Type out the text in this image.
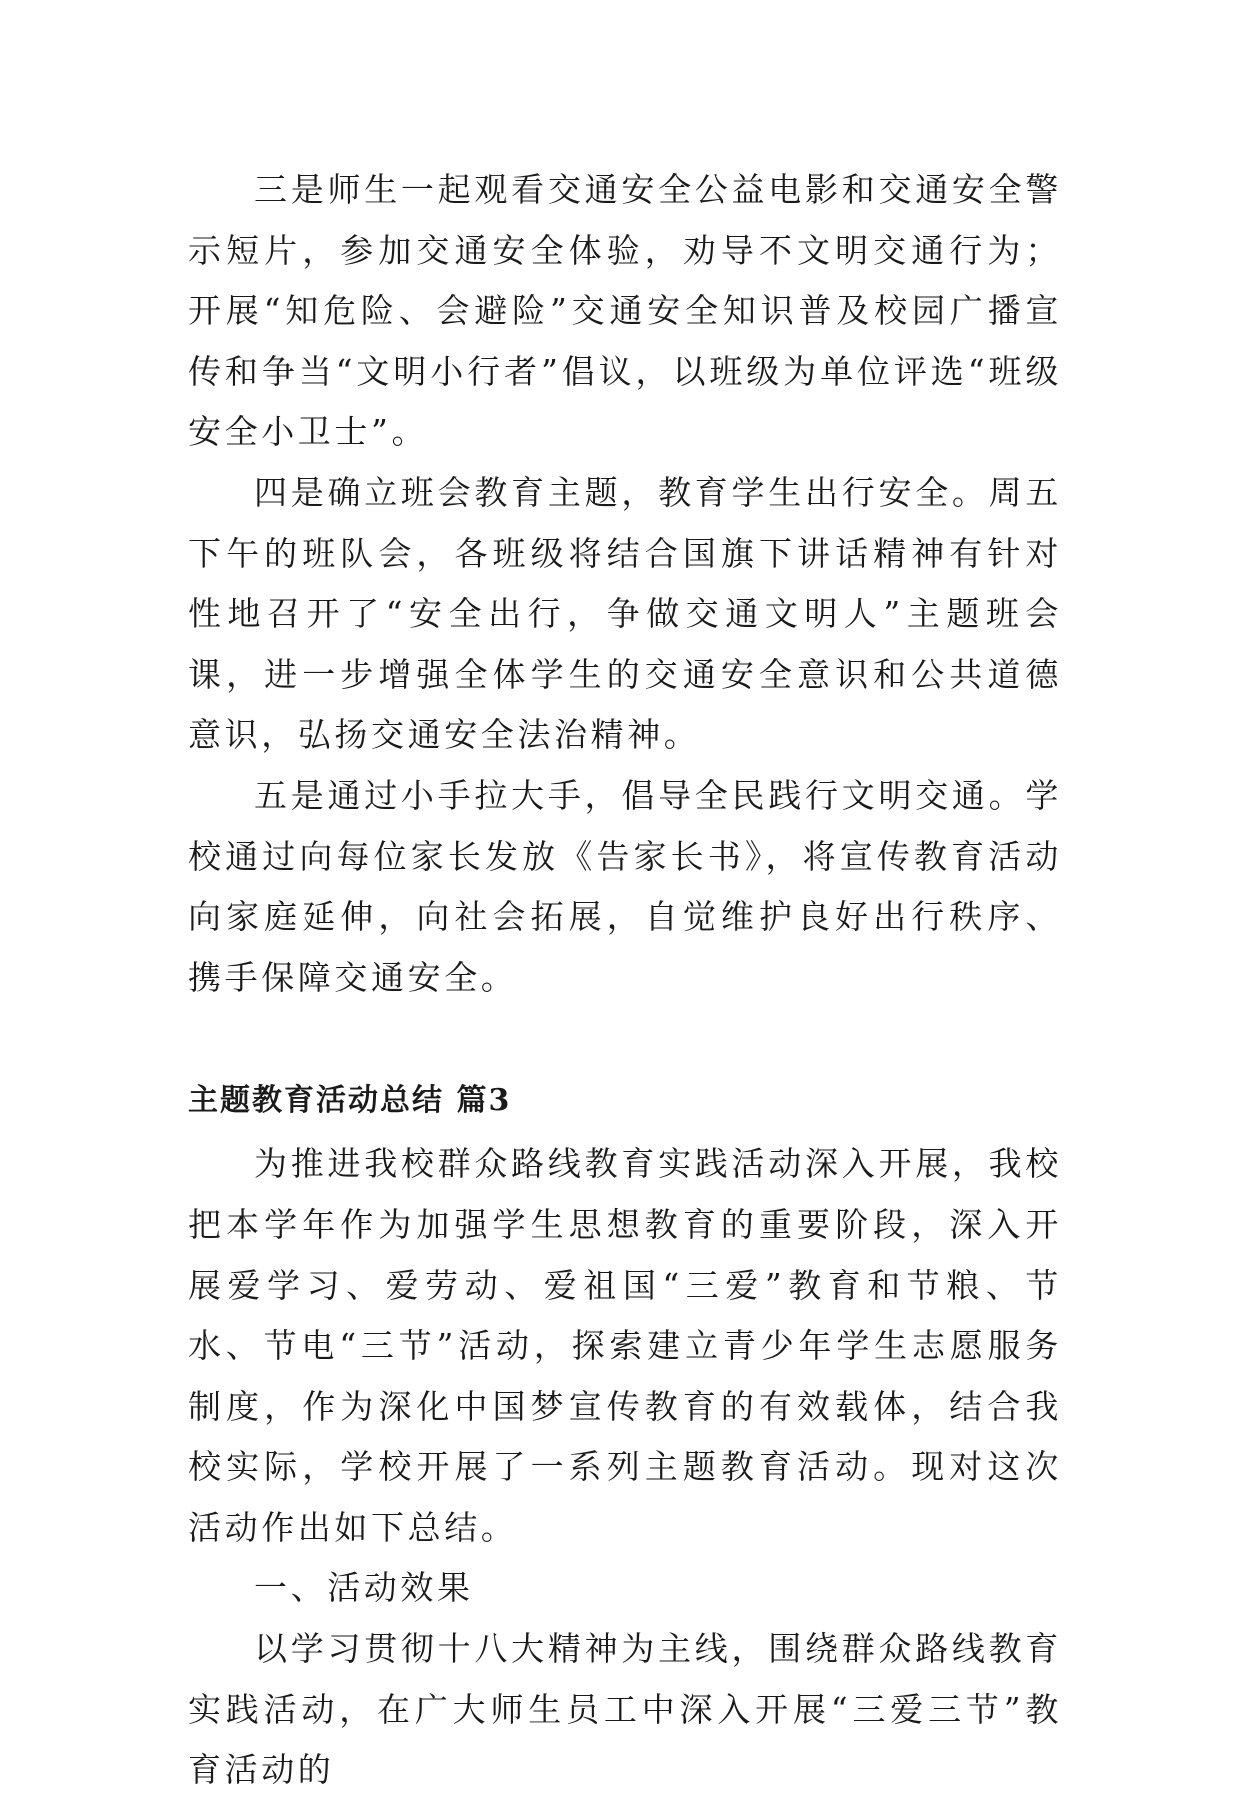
三是师生一起观看交通安全公益电影和交通安全警示短片，参加交通安全体验，劝导不文明交通行为；开展“知危险、会避险”交通安全知识普及校园广播宣传和争当“文明小行者”倡议，以班级为单位评选“班级安全小卫士”。

四是确立班会教育主题，教育学生出行安全。周五下午的班队会，各班级将结合国旗下讲话精神有针对性地召开了“安全出行，争做交通文明人”主题班会课，进一步增强全体学生的交通安全意识和公共道德意识，弘扬交通安全法治精神。

五是通过小手拉大手，倡导全民践行文明交通。学校通过向每位家长发放《告家长书》，将宣传教育活动向家庭延伸，向社会拓展，自觉维护良好出行秩序、携手保障交通安全。

主题教育活动总结 篇3

为推进我校群众路线教育实践活动深入开展，我校把本学年作为加强学生思想教育的重要阶段，深入开展爱学习、爱劳动、爱祖国“三爱”教育和节粮、节水、节电“三节”活动，探索建立青少年学生志愿服务制度，作为深化中国梦宣传教育的有效载体，结合我校实际，学校开展了一系列主题教育活动。现对这次活动作出如下总结。

一、活动效果

以学习贯彻十八大精神为主线，围绕群众路线教育实践活动，在广大师生员工中深入开展“三爱三节”教育活动的
